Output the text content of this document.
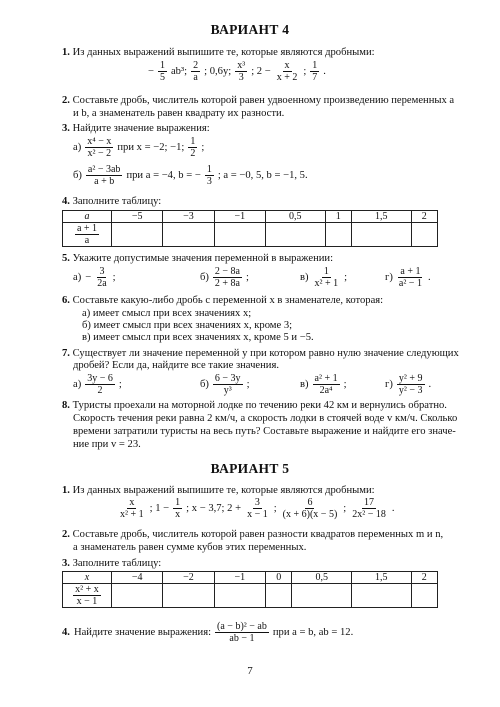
ВАРИАНТ 4
1. Из данных выражений выпишите те, которые являются дробными:
− $\frac{1}{5} ab^3$; $\frac{2}{a}$ ; 0,6y; $\frac{\text{x³}}{3}$ ; $2 - \frac{x}{x + 2}$ ; $\frac{1}{7}$ .
2. Составьте дробь, числитель которой равен удвоенному произведению переменных a
и b, а знаменатель равен квадрату их разности.
3. Найдите значение выражения:
$а) \frac{\text{x⁴ − x}}{\text{x² − 2}}$ при x = −2; −1; $\frac{1}{2}$ ;
$б) \frac{\text{a² − 3ab}}{a + b}$ при a = −4, b = − $\frac{1}{3}$ ; a = −0, 5, b = −1, 5.
4. Заполните таблицу:
a	−5	−3	−1	0,5	1	1,5	2

$\frac{a + 1}{a}$

5. Укажите допустимые значения переменной в выражении:
$а) - \frac{3}{2a}$ ;	$б) \frac{2 - 8a}{2 + 8a}$ ;	$в) \frac{1}{\text{x² + 1}}$ ;	$г) \frac{a + 1}{\text{a² − 1}}$ .
6. Составьте какую-либо дробь с переменной x в знаменателе, которая:
а) имеет смысл при всех значениях x;
б) имеет смысл при всех значениях x, кроме 3;
в) имеет смысл при всех значениях x, кроме 5 и −5.
7. Существует ли значение переменной y при котором равно нулю значение следующих
дробей? Если да, найдите все такие значения.
$а) \frac{3y - 6}{2}$ ;	$б) \frac{6 - 3y}{\text{y³}}$ ;	$в) \frac{\text{a² + 1}}{\text{2a⁴}}$ ;	$г) \frac{\text{y² + 9}}{\text{y² − 3}}$ .
8. Туристы проехали на моторной лодке по течению реки 42 км и вернулись обратно.
Скорость течения реки равна 2 км/ч, а скорость лодки в стоячей воде v км/ч. Сколько
времени затратили туристы на весь путь? Составьте выражение и найдите его значе-
ние при v = 23.
ВАРИАНТ 5
1. Из данных выражений выпишите те, которые являются дробными:
$\frac{x}{\text{x² + 1}}$ ; $1 - \frac{1}{x}$ ; x − 3,7; $2 + \frac{3}{x - 1}$ ; $\frac{6}{(x + 6)(x - 5)}$ ; $\frac{17}{\text{2x² − 18}}$ .
2. Составьте дробь, числитель которой равен разности квадратов переменных m и n,
а знаменатель равен сумме кубов этих переменных.
3. Заполните таблицу:
x	−4	−2	−1	0	0,5	1,5	2

$\frac{\text{x² + x}}{x - 1}$

4. Найдите значение выражения: $\frac{\text{(a − b)² − ab}}{ab - 1}$ при a = b, ab = 12.
7
